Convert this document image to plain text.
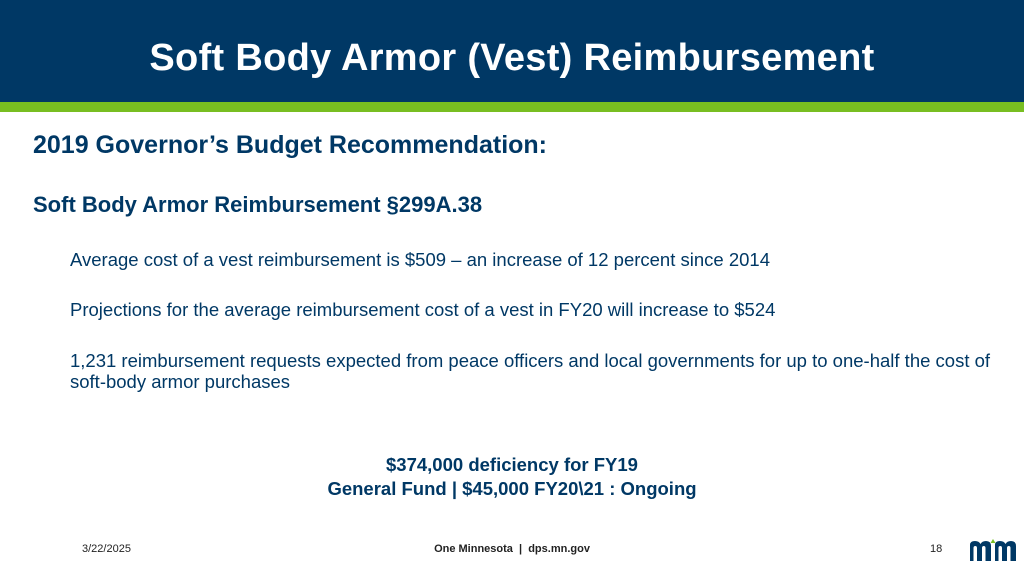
Soft Body Armor (Vest) Reimbursement
2019 Governor’s Budget Recommendation:
Soft Body Armor Reimbursement §299A.38
Average cost of a vest reimbursement is $509 – an increase of 12 percent since 2014
Projections for the average reimbursement cost of a vest in FY20 will increase to $524
1,231 reimbursement requests expected from peace officers and local governments for up to one-half the cost of soft-body armor purchases
$374,000 deficiency for FY19
General Fund | $45,000 FY20\21 : Ongoing
3/22/2025	One Minnesota  |  dps.mn.gov	18
